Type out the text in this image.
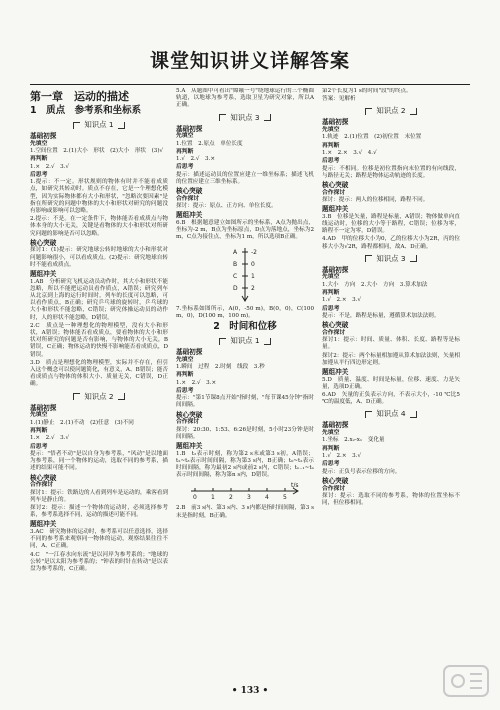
课堂知识讲义详解答案
第一章　运动的描述
1　质点　参考系和坐标系
知识点 1
基础初探
先填空

1.空间位置　2.(1)大小　形状　(2)大小　形状　(3)√

再判断

1.×　2.√　3.√

后思考

1.提示：不一定。形状规则的物体有时并不能看成质点，如研究其转动时。质点不存在，它是一个理想化模型，因为实际物体都有大小和形状，"忽略次要因素"是指在所研究的问题中物体的大小和形状对研究的问题没有影响或影响可以忽略。

2.提示：不是。在一定条件下，物体能否看成质点与物体本身的大小无关，关键是看物体的大小和形状对所研究问题的影响是否可以忽略。

核心突破

探讨1：(1)提示：研究地球公转时地球的大小和形状对问题影响很小，可以看成质点。(2)提示：研究地球自转时不能看成质点。

题组冲关

1.AB　分析研究飞机运动员动作时，其大小和形状不能忽略，所以不能把运动员看作质点，A错误；研究列车从北京到上海的运行时间时，列车的长度可以忽略，可以看作质点，B正确；研究乒乓球的旋转时，乒乓球的大小和形状不能忽略，C错误；研究体操运动员的动作时，人的形状不能忽略，D错误。

2.C　质点是一种理想化的物理模型，没有大小和形状，A错误；物体能否看成质点，要看物体的大小和形状对所研究的问题是否有影响，与物体的大小无关，B错误，C正确；物体运动的快慢不影响能否看成质点，D错误。

3.D　质点是理想化的物理模型，实际并不存在，但引入这个概念可以使问题简化，有意义，A、B错误；能否看成质点与物体的体积大小、质量无关，C错误，D正确。

知识点 2
基础初探
先填空

1.(1)静止　2.(1)不动　(2)任意　(3)不同

再判断

1.×　2.√　3.√

后思考

提示："悟者不动"是以自身为参考系，"风动"是以地面为参考系，同一个物体的运动，选取不同的参考系，描述的结果可能不同。

核心突破
合作探讨

探讨1：提示：铁路边的人看到列车是运动的，乘客看到列车是静止的。

探讨2：提示：描述一个物体的运动时，必须选择参考系，参考系选择不同，运动的描述可能不同。

题组冲关

3.AC　研究物体的运动时，参考系可以任意选择，选择不同的参考系来观察同一物体的运动，观察结果往往不同，A、C正确。

4.C　"一江春水向东流"是以河岸为参考系的；"地球的公转"是以太阳为参考系的；"钟表的时针在转动"是以表盘为参考系的，C正确。

5.A　从题图中可看出"嫦娥一号"绕地球运行的三个椭圆轨道，以地球为参考系，选取卫星为研究对象，所以A正确。

知识点 3
基础初探
先填空

1.位置　2.原点　单位长度

再判断

1.√　2.√　3.×

后思考

提示：描述运动员的位置应建立一维坐标系；描述飞机的位置应建立三维坐标系。

核心突破
合作探讨

探讨：提示：原点、正方向、单位长度。

题组冲关

6.B　根据题意建立如图所示的坐标系，A点为抛出点，坐标为-2 m，B点为坐标原点，D点为落地点，坐标为2 m，C点为接住点，坐标为1 m，所以选项B正确。

A
B
C
D
-2
0
1
2

7.坐标系如图所示，A(0，-50 m)，B(0，0)，C(100 m，0)，D(100 m，100 m)。

2　时间和位移
知识点 1
基础初探
先填空

1.瞬间　过程　2.时刻　线段　3.秒

再判断

1.×　2.√　3.×

后思考

提示："第1节课8点开始"指时刻，"每节课45分钟"指时间间隔。

核心突破
合作探讨

探讨：20:30、1:53、6:26是时刻，5小时23分钟是时间间隔。

题组冲关

1.B　t₂表示时刻，称为第2 s末或第3 s初，A错误；t₂~t₃表示时间间隔，称为第3 s内，B正确；t₀~t₂表示时间间隔，称为最初2 s内或前2 s内，C错误；tₙ₋₁~tₙ表示时间间隔，称为第n s内，D错误。

0 1 2 3 4 5
t/s

2.B　前3 s内、第3 s内、3 s内都是指时间间隔，第3 s末是指时刻，B正确。

第2个长度为1 s的时间"段"的终点。

答案：见解析

知识点 2
基础初探
先填空

1.轨迹　2.(1)位置　(2)初位置　末位置

再判断

1.×　2.×　3.√　4.√

后思考

提示：不相同。位移是初位置指向末位置的有向线段，与路径无关；路程是物体运动轨迹的长度。

核心突破
合作探讨

探讨：提示：两人的位移相同，路程不同。

题组冲关

3.B　位移是矢量，路程是标量，A错误；物体做单向直线运动时，位移的大小等于路程，C错误；位移为零，路程不一定为零，D错误。

4.AD　甲的位移大小为0，乙的位移大小为2R，丙的位移大小为√2R，路程都相同，故A、D正确。

知识点 3
基础初探
先填空

1.大小　方向　2.大小　方向　3.算术加法

再判断

1.√　2.×　3.√

后思考

提示：不是，路程是标量，遵循算术加法法则。

核心突破
合作探讨

探讨1：提示：时间、质量、体积、长度、路程等是标量。

探讨2：提示：两个标量相加遵从算术加法法则，矢量相加遵从平行四边形定则。

题组冲关

5.D　质量、温度、时间是标量，位移、速度、力是矢量，选项D正确。

6.AD　矢量的正负表示方向，不表示大小，-10 ℃比5 ℃的温度低，A、D正确。

知识点 4
基础初探
先填空

1.坐标　2.x₂-x₁　变化量

再判断

1.√　2.×　3.√

后思考

提示：正负号表示位移的方向。

核心突破
合作探讨

探讨：提示：选取不同的参考系，物体的位置坐标不同，但位移相同。

• 133 •
